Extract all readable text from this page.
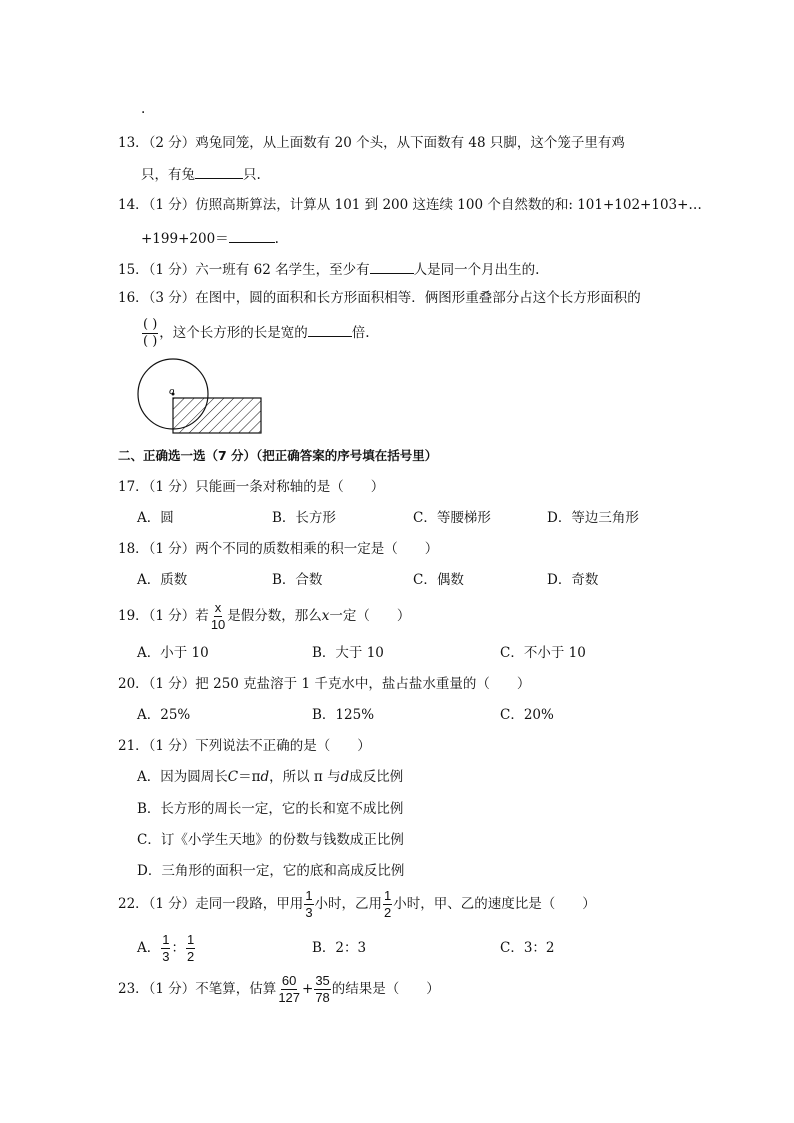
.
13．（2 分）鸡兔同笼，从上面数有 20 个头，从下面数有 48 只脚，这个笼子里有鸡
只，有兔	只.
14．（1 分）仿照高斯算法，计算从 101 到 200 这连续 100 个自然数的和: 101+102+103+…
+199+200＝	.
15．（1 分）六一班有 62 名学生，至少有	人是同一个月出生的.
16．（3 分）在图中，圆的面积和长方形面积相等．俩图形重叠部分占这个长方形面积的
$\frac{( )}{( )}$ ，这个长方形的长是宽的	倍.
o
二、正确选一选（7 分）（把正确答案的序号填在括号里）
17．（1 分）只能画一条对称轴的是（　　）
A．圆	B．长方形	C．等腰梯形	D．等边三角形
18．（1 分）两个不同的质数相乘的积一定是（　　）
A．质数	B．合数	C．偶数	D．奇数
19．（1 分）若 $\frac{x}{10}$ 是假分数，那么x一定（　　）
A．小于 10	B．大于 10	C．不小于 10
20．（1 分）把 250 克盐溶于 1 千克水中，盐占盐水重量的（　　）
A．25%	B．125%	C．20%
21．（1 分）下列说法不正确的是（　　）
A．因为圆周长C＝πd，所以 π 与d成反比例
B．长方形的周长一定，它的长和宽不成比例
C．订《小学生天地》的份数与钱数成正比例
D．三角形的面积一定，它的底和高成反比例
22．（1 分）走同一段路，甲用 $\frac{1}{3}$ 小时，乙用 $\frac{1}{2}$ 小时，甲、乙的速度比是（　　）
A． $\frac{1}{3}$ ： $\frac{1}{2}$	B．2：3	C．3：2
23．（1 分）不笔算，估算 $\frac{60}{127} + \frac{35}{78}$ 的结果是（　　）
